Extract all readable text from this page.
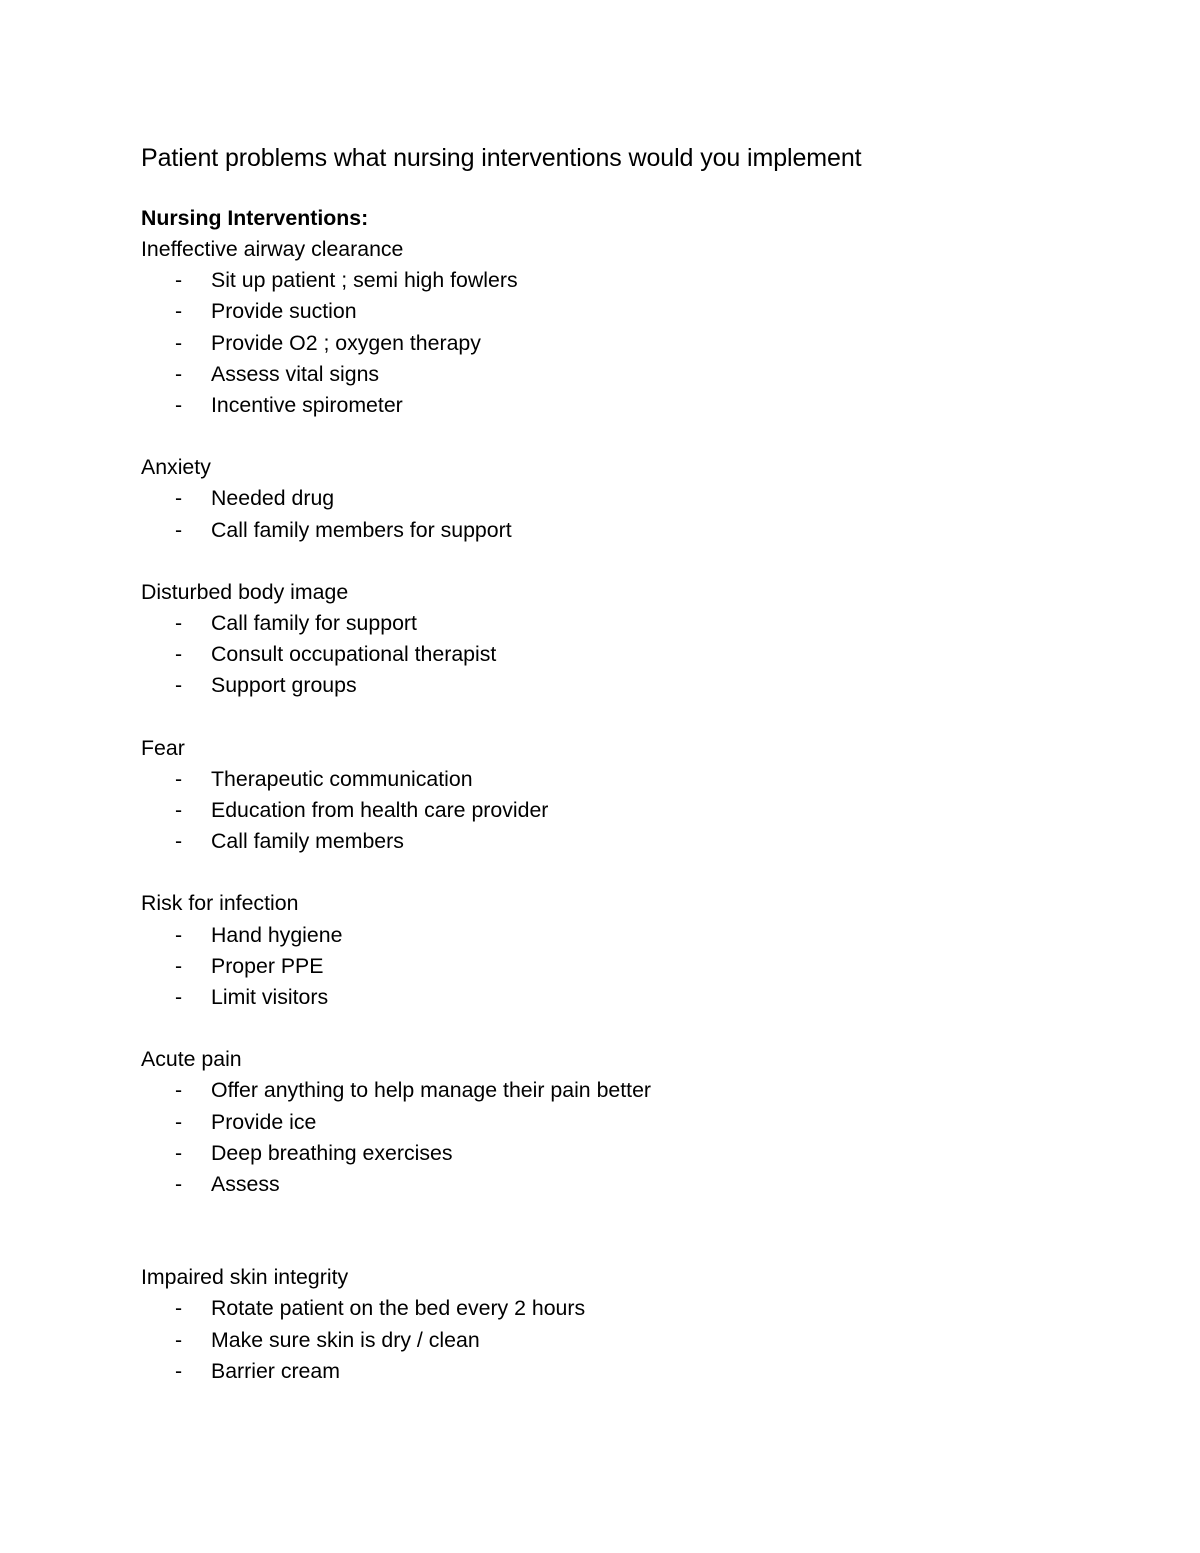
Patient problems what nursing interventions would you implement
Nursing Interventions:
Ineffective airway clearance
- Sit up patient ; semi high fowlers
- Provide suction
- Provide O2 ; oxygen therapy
- Assess vital signs
- Incentive spirometer
Anxiety
- Needed drug
- Call family members for support
Disturbed body image
- Call family for support
- Consult occupational therapist
- Support groups
Fear
- Therapeutic communication
- Education from health care provider
- Call family members
Risk for infection
- Hand hygiene
- Proper PPE
- Limit visitors
Acute pain
- Offer anything to help manage their pain better
- Provide ice
- Deep breathing exercises
- Assess
Impaired skin integrity
- Rotate patient on the bed every 2 hours
- Make sure skin is dry / clean
- Barrier cream
